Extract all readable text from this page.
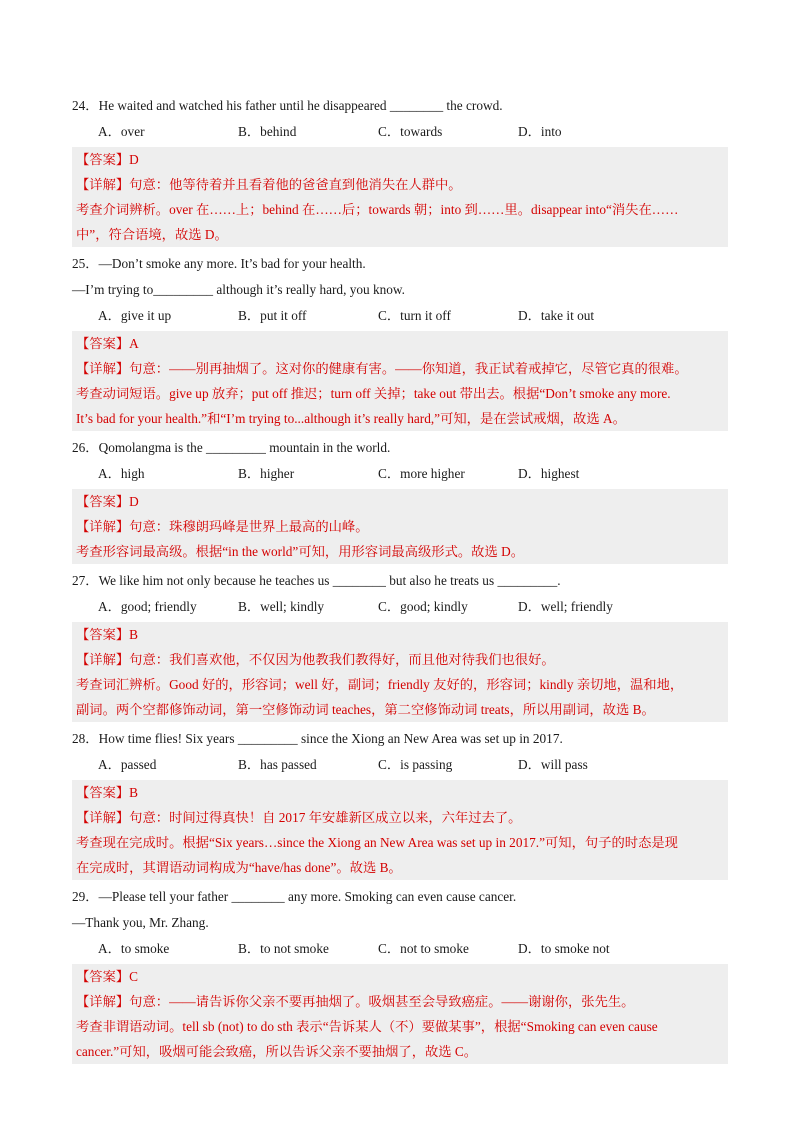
24．He waited and watched his father until he disappeared ________ the crowd.
A．over	B．behind	C．towards	D．into
【答案】D
【详解】句意：他等待着并且看着他的爸爸直到他消失在人群中。
考查介词辨析。over 在……上；behind 在……后；towards 朝；into 到……里。disappear into“消失在……
中”，符合语境，故选 D。
25．—Don’t smoke any more. It’s bad for your health.
—I’m trying to_________ although it’s really hard, you know.
A．give it up	B．put it off	C．turn it off	D．take it out
【答案】A
【详解】句意：——别再抽烟了。这对你的健康有害。——你知道，我正试着戒掉它，尽管它真的很难。
考查动词短语。give up 放弃；put off 推迟；turn off 关掉；take out 带出去。根据“Don’t smoke any more.
It’s bad for your health.”和“I’m trying to...although it’s really hard,”可知，是在尝试戒烟，故选 A。
26．Qomolangma is the _________ mountain in the world.
A．high	B．higher	C．more higher	D．highest
【答案】D
【详解】句意：珠穆朗玛峰是世界上最高的山峰。
考查形容词最高级。根据“in the world”可知，用形容词最高级形式。故选 D。
27．We like him not only because he teaches us ________ but also he treats us _________.
A．good; friendly	B．well; kindly	C．good; kindly	D．well; friendly
【答案】B
【详解】句意：我们喜欢他，不仅因为他教我们教得好，而且他对待我们也很好。
考查词汇辨析。Good 好的，形容词；well 好，副词；friendly 友好的，形容词；kindly 亲切地，温和地，
副词。两个空都修饰动词，第一空修饰动词 teaches，第二空修饰动词 treats，所以用副词，故选 B。
28．How time flies! Six years _________ since the Xiong an New Area was set up in 2017.
A．passed	B．has passed	C．is passing	D．will pass
【答案】B
【详解】句意：时间过得真快！自 2017 年安雄新区成立以来，六年过去了。
考查现在完成时。根据“Six years…since the Xiong an New Area was set up in 2017.”可知，句子的时态是现
在完成时，其谓语动词构成为“have/has done”。故选 B。
29．—Please tell your father ________ any more. Smoking can even cause cancer.
—Thank you, Mr. Zhang.
A．to smoke	B．to not smoke	C．not to smoke	D．to smoke not
【答案】C
【详解】句意：——请告诉你父亲不要再抽烟了。吸烟甚至会导致癌症。——谢谢你，张先生。
考查非谓语动词。tell sb (not) to do sth 表示“告诉某人（不）要做某事”，根据“Smoking can even cause
cancer.”可知，吸烟可能会致癌，所以告诉父亲不要抽烟了，故选 C。
